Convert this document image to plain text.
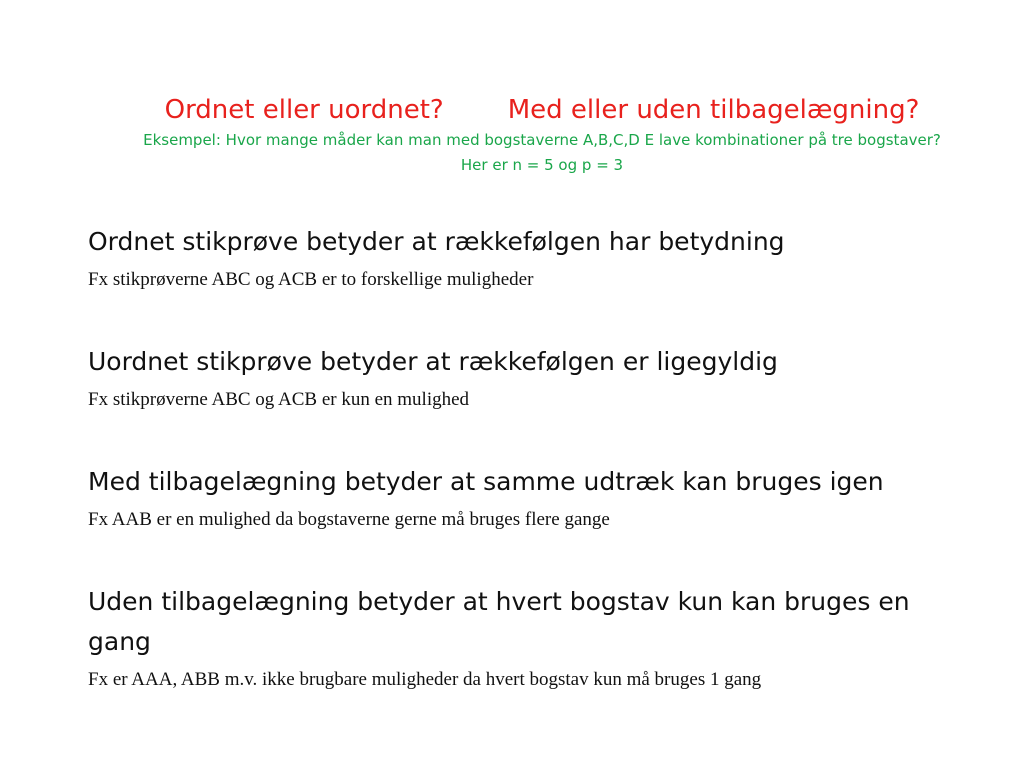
Ordnet eller uordnet? Med eller uden tilbagelægning?
Eksempel: Hvor mange måder kan man med bogstaverne A,B,C,D E lave kombinationer på tre bogstaver?
Her er n = 5 og p = 3
Ordnet stikprøve betyder at rækkefølgen har betydning
Fx stikprøverne ABC og ACB er to forskellige muligheder
Uordnet stikprøve betyder at rækkefølgen er ligegyldig
Fx stikprøverne ABC og ACB er kun en mulighed
Med tilbagelægning betyder at samme udtræk kan bruges igen
Fx AAB er en mulighed da bogstaverne gerne må bruges flere gange
Uden tilbagelægning betyder at hvert bogstav kun kan bruges en gang
Fx er AAA, ABB m.v. ikke brugbare muligheder da hvert bogstav kun må bruges 1 gang
